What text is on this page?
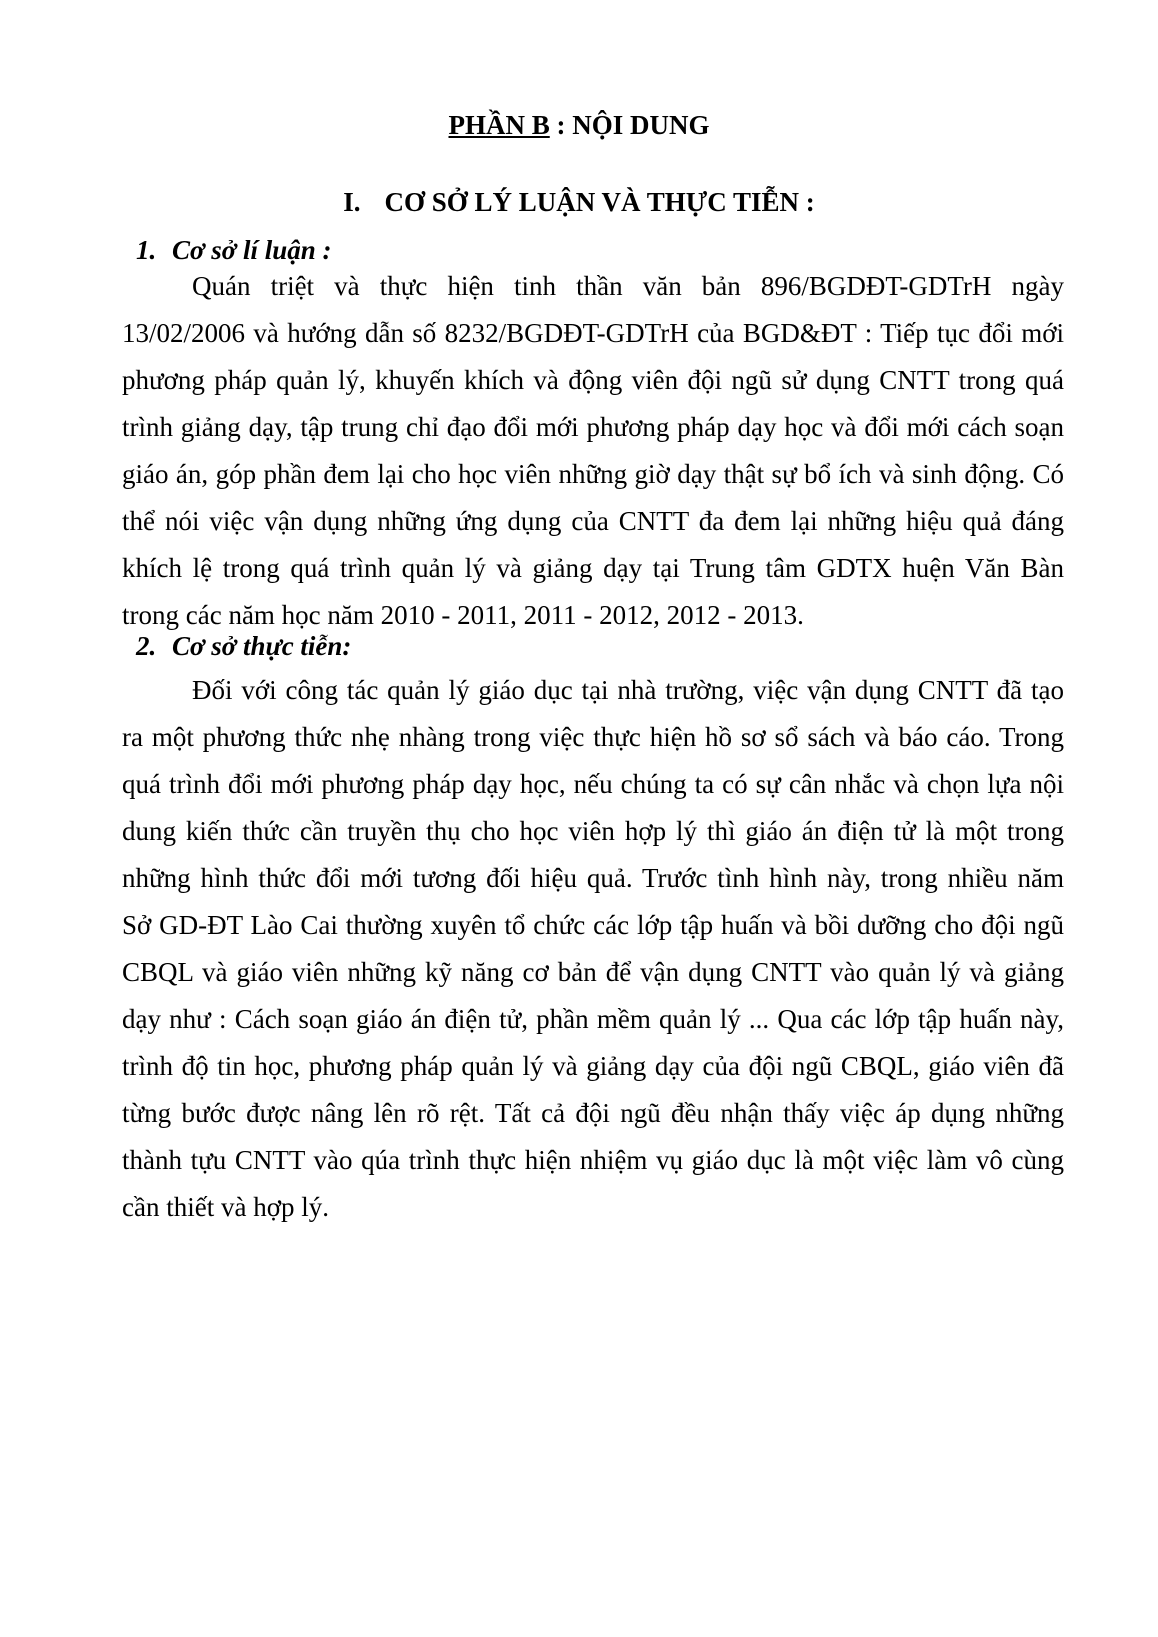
PHẦN B : NỘI DUNG
I. CƠ SỞ LÝ LUẬN VÀ THỰC TIỄN :
1. Cơ sở lí luận :
Quán triệt và thực hiện tinh thần văn bản 896/BGDĐT-GDTrH ngày
13/02/2006 và hướng dẫn số 8232/BGDĐT-GDTrH của BGD&ĐT : Tiếp tục đổi mới
phương pháp quản lý, khuyến khích và động viên đội ngũ sử dụng CNTT trong quá
trình giảng dạy, tập trung chỉ đạo đổi mới phương pháp dạy học và đổi mới cách soạn
giáo án, góp phần đem lại cho học viên những giờ dạy thật sự bổ ích và sinh động. Có
thể nói việc vận dụng những ứng dụng của CNTT đa đem lại những hiệu quả đáng
khích lệ trong quá trình quản lý và giảng dạy tại Trung tâm GDTX huện Văn Bàn
trong các năm học năm 2010 - 2011, 2011 - 2012, 2012 - 2013.
2. Cơ sở thực tiễn:
Đối với công tác quản lý giáo dục tại nhà trường, việc vận dụng CNTT đã tạo
ra một phương thức nhẹ nhàng trong việc thực hiện hồ sơ sổ sách và báo cáo. Trong
quá trình đổi mới phương pháp dạy học, nếu chúng ta có sự cân nhắc và chọn lựa nội
dung kiến thức cần truyền thụ cho học viên hợp lý thì giáo án điện tử là một trong
những hình thức đổi mới tương đối hiệu quả. Trước tình hình này, trong nhiều năm
Sở GD-ĐT Lào Cai thường xuyên tổ chức các lớp tập huấn và bồi dưỡng cho đội ngũ
CBQL và giáo viên những kỹ năng cơ bản để vận dụng CNTT vào quản lý và giảng
dạy như : Cách soạn giáo án điện tử, phần mềm quản lý ... Qua các lớp tập huấn này,
trình độ tin học, phương pháp quản lý và giảng dạy của đội ngũ CBQL, giáo viên đã
từng bước được nâng lên rõ rệt. Tất cả đội ngũ đều nhận thấy việc áp dụng những
thành tựu CNTT vào qúa trình thực hiện nhiệm vụ giáo dục là một việc làm vô cùng
cần thiết và hợp lý.
